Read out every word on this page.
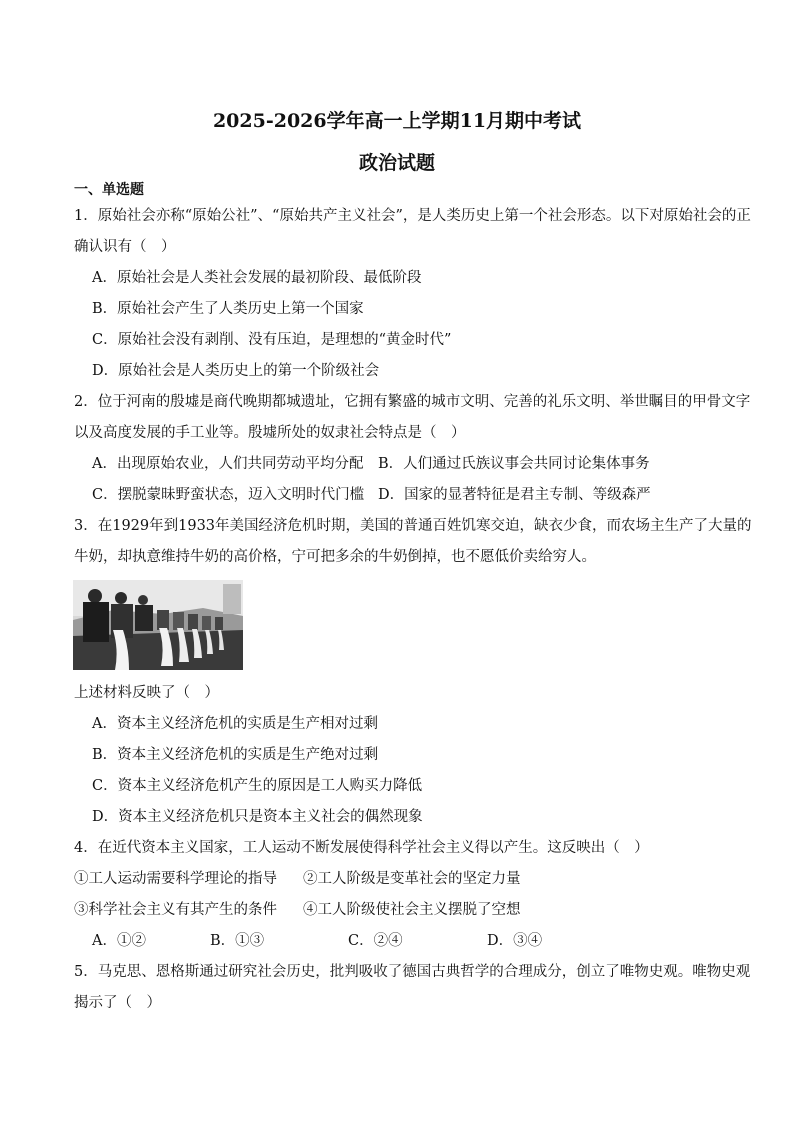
2025-2026学年高一上学期11月期中考试
政治试题
一、单选题
1．原始社会亦称“原始公社”、“原始共产主义社会”，是人类历史上第一个社会形态。以下对原始社会的正
确认识有（　）
A．原始社会是人类社会发展的最初阶段、最低阶段
B．原始社会产生了人类历史上第一个国家
C．原始社会没有剥削、没有压迫，是理想的“黄金时代”
D．原始社会是人类历史上的第一个阶级社会
2．位于河南的殷墟是商代晚期都城遗址，它拥有繁盛的城市文明、完善的礼乐文明、举世瞩目的甲骨文字
以及高度发展的手工业等。殷墟所处的奴隶社会特点是（　）
A．出现原始农业，人们共同劳动平均分配 B．人们通过氏族议事会共同讨论集体事务
C．摆脱蒙昧野蛮状态，迈入文明时代门槛 D．国家的显著特征是君主专制、等级森严
3．在1929年到1933年美国经济危机时期，美国的普通百姓饥寒交迫，缺衣少食，而农场主生产了大量的
牛奶，却执意维持牛奶的高价格，宁可把多余的牛奶倒掉，也不愿低价卖给穷人。
上述材料反映了（　）
A．资本主义经济危机的实质是生产相对过剩
B．资本主义经济危机的实质是生产绝对过剩
C．资本主义经济危机产生的原因是工人购买力降低
D．资本主义经济危机只是资本主义社会的偶然现象
4．在近代资本主义国家，工人运动不断发展使得科学社会主义得以产生。这反映出（　）
①工人运动需要科学理论的指导 ②工人阶级是变革社会的坚定力量
③科学社会主义有其产生的条件 ④工人阶级使社会主义摆脱了空想
A．①②	B．①③	C．②④	D．③④
5．马克思、恩格斯通过研究社会历史，批判吸收了德国古典哲学的合理成分，创立了唯物史观。唯物史观
揭示了（　）
